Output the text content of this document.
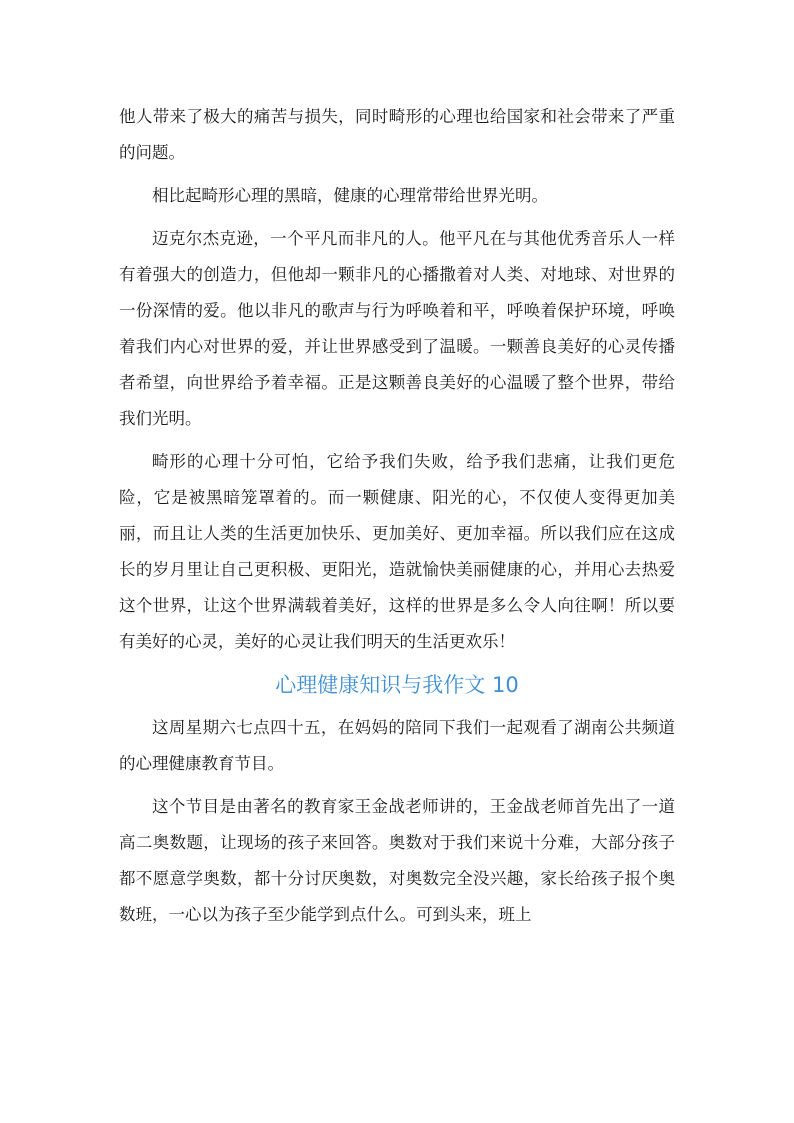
他人带来了极大的痛苦与损失，同时畸形的心理也给国家和社会带来了严重的问题。

相比起畸形心理的黑暗，健康的心理常带给世界光明。

迈克尔杰克逊，一个平凡而非凡的人。他平凡在与其他优秀音乐人一样有着强大的创造力，但他却一颗非凡的心播撒着对人类、对地球、对世界的一份深情的爱。他以非凡的歌声与行为呼唤着和平，呼唤着保护环境，呼唤着我们内心对世界的爱，并让世界感受到了温暖。一颗善良美好的心灵传播者希望，向世界给予着幸福。正是这颗善良美好的心温暖了整个世界，带给我们光明。

畸形的心理十分可怕，它给予我们失败，给予我们悲痛，让我们更危险，它是被黑暗笼罩着的。而一颗健康、阳光的心，不仅使人变得更加美丽，而且让人类的生活更加快乐、更加美好、更加幸福。所以我们应在这成长的岁月里让自己更积极、更阳光，造就愉快美丽健康的心，并用心去热爱这个世界，让这个世界满载着美好，这样的世界是多么令人向往啊！所以要有美好的心灵，美好的心灵让我们明天的生活更欢乐！

心理健康知识与我作文 10

这周星期六七点四十五，在妈妈的陪同下我们一起观看了湖南公共频道的心理健康教育节目。

这个节目是由著名的教育家王金战老师讲的，王金战老师首先出了一道高二奥数题，让现场的孩子来回答。奥数对于我们来说十分难，大部分孩子都不愿意学奥数，都十分讨厌奥数，对奥数完全没兴趣，家长给孩子报个奥数班，一心以为孩子至少能学到点什么。可到头来，班上
